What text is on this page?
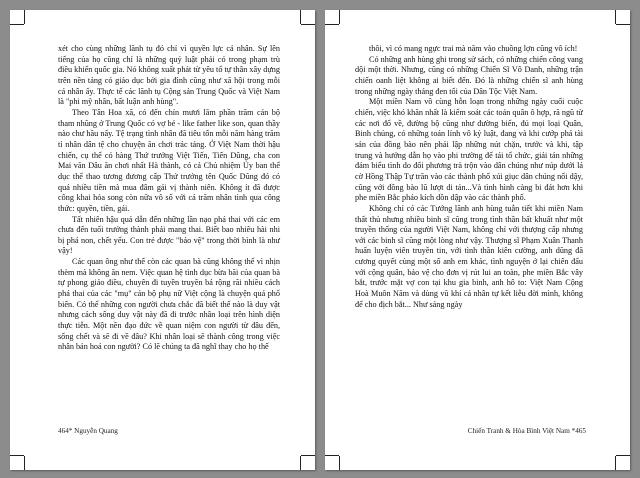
xét cho cùng những lãnh tụ đó chỉ vì quyền lực cá nhân. Sự lên tiếng của họ cũng chỉ là những quỷ luật phải có trong phạm trù điều khiển quốc gia. Nó không xuất phát từ yêu tổ tự thân xây dựng trên nền tảng có giáo dục bởi gia đình cũng như xã hội trong mỗi cá nhân ấy. Thực tế các lãnh tụ Cộng sản Trung Quốc và Việt Nam là "phi mỹ nhân, bất luận anh hùng".

Theo Tân Hoa xã, có đến chín mươi lăm phần trăm cán bộ tham nhũng ở Trung Quốc có vợ bé - like father like son, quan thầy nào chư hầu nấy. Tệ trạng tình nhân đã tiêu tốn mỗi năm hàng trăm tỉ nhân dân tệ cho chuyện ăn chơi trác táng. Ở Việt Nam thời hậu chiến, cụ thể có hàng Thứ trưởng Việt Tiến, Tiến Dũng, cha con Mai văn Dâu ăn chơi nhất Hà thành, có cả Chủ nhiệm Ủy ban thể dục thể thao tương đương cấp Thứ trưởng tên Quốc Dũng đó có quá nhiều tiền mà mua đâm gái vị thành niên. Không ít đã được công khai hóa song còn nữa vô số với cả trăm nhân tình qua công thức: quyền, tiền, gái.

Tất nhiên hậu quả dẫn đến những lần nạo phá thai với các em chưa đến tuổi trưởng thành phải mang thai. Biết bao nhiêu hài nhi bị phá non, chết yểu. Con trẻ được "bảo vệ" trong thời bình là như vậy!

Các quan ông như thế còn các quan bà cũng không thể vì nhịn thèm mà không ăn nem. Việc quan hệ tình dục bừa bãi của quan bà tự phong giáo điều, chuyên đi tuyền truyền bá rộng rãi nhiều cách phá thai của các "mụ" cán bộ phụ nữ Việt cộng là chuyện quá phổ biến. Có thể những con người chưa chắc đã biết thế nào là duy vật nhưng cách sống duy vật này đã đi trước nhân loại trên hình diện thực tiễn. Một nền đạo đức về quan niệm con người từ đâu đến, sống chết và sẽ đi về đâu? Khi nhân loại sẽ thành công trong việc nhân bản hoá con người? Có lẽ chúng ta đã nghĩ thay cho họ thế

464* Nguyễn Quang

thôi, vì có mang ngực trai mà năm vào chuồng lợn cũng vô ích!

Có những anh hùng ghi trong sử sách, có những chiến công vang dội một thời. Nhưng, cũng có những Chiến Sĩ Vô Danh, những trận chiến oanh liệt không ai biết đến. Đó là những chiến sĩ anh hùng trong những ngày tháng đen tối của Dân Tộc Việt Nam.

Một miền Nam vô cùng hỗn loạn trong những ngày cuối cuộc chiến, việc khó khăn nhất là kiểm soát các toán quân ô hợp, rã ngũ từ các nơi đổ về, đường bộ cũng như đường biển, đủ mọi loại Quân, Binh chủng, có những toán lính vô kỷ luật, đang và khi cướp phá tài sản của đồng bào nên phải lập những nút chặn, trước và khi, tập trung và hướng dẫn họ vào phi trường để tái tổ chức, giải tán những đám biểu tình do đối phương trà trộn vào dân chúng như núp dưới lá cờ Hồng Thập Tự trăn vào các thành phố xúi giục dân chúng nổi dậy, cũng với đồng bào lũ lượt di tản...Và tình hình càng bi đát hơn khi phe miền Bắc pháo kích dồn dập vào các thành phố.

Không chỉ có các Tướng lãnh anh hùng tuẫn tiết khi miền Nam thất thủ nhưng nhiều binh sĩ cũng trong tình thần bất khuất như một truyền thống của người Việt Nam, không chỉ với thượng cấp nhưng với các binh sĩ cũng một lòng như vậy. Thượng sĩ Phạm Xuân Thanh huấn luyện viên truyền tin, với tình thần kiên cường, anh dũng đã cương quyết cùng một số anh em khác, tình nguyện ở lại chiến đấu với cộng quân, bảo vệ cho đơn vị rút lui an toàn, phe miền Bắc vây bắt, trước mặt vợ con tại khu gia binh, anh hô to: Việt Nam Cộng Hoà Muôn Năm và dùng vũ khí cá nhân tự kết liễu đời mình, không để cho địch bắt... Như sáng ngày

Chiến Tranh & Hòa Bình Việt Nam *465
